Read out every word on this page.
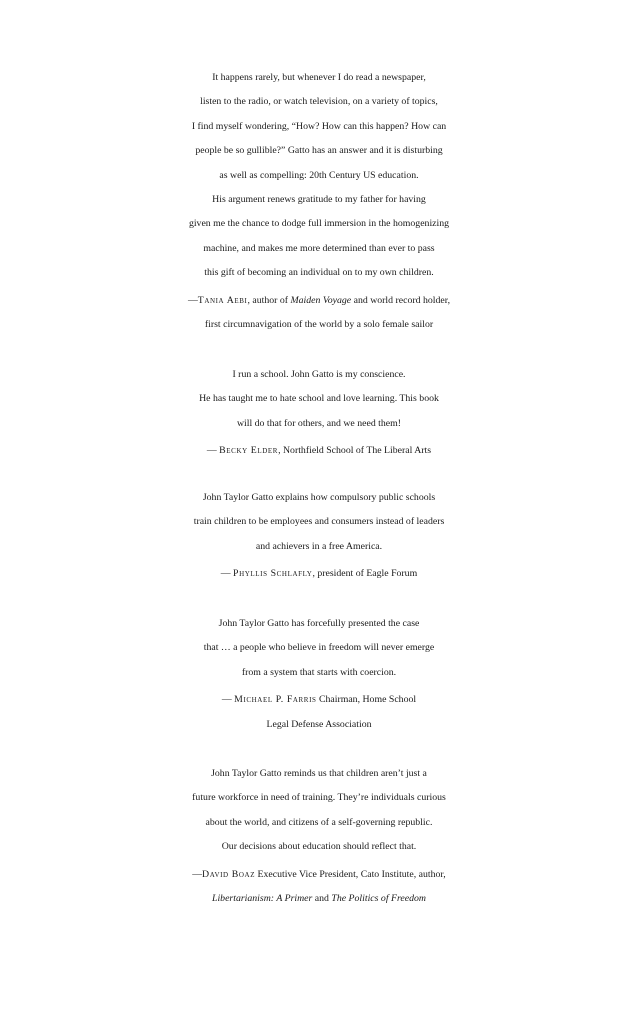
It happens rarely, but whenever I do read a newspaper,
listen to the radio, or watch television, on a variety of topics,
I find myself wondering, “How? How can this happen? How can
people be so gullible?” Gatto has an answer and it is disturbing
as well as compelling: 20th Century US education.
His argument renews gratitude to my father for having
given me the chance to dodge full immersion in the homogenizing
machine, and makes me more determined than ever to pass
this gift of becoming an individual on to my own children.
—Tania Aebi, author of Maiden Voyage and world record holder,
first circumnavigation of the world by a solo female sailor
I run a school. John Gatto is my conscience.
He has taught me to hate school and love learning. This book
will do that for others, and we need them!
— Becky Elder, Northfield School of The Liberal Arts
John Taylor Gatto explains how compulsory public schools
train children to be employees and consumers instead of leaders
and achievers in a free America.
— Phyllis Schlafly, president of Eagle Forum
John Taylor Gatto has forcefully presented the case
that … a people who believe in freedom will never emerge
from a system that starts with coercion.
— Michael P. Farris Chairman, Home School
Legal Defense Association
John Taylor Gatto reminds us that children aren’t just a
future workforce in need of training. They’re individuals curious
about the world, and citizens of a self-governing republic.
Our decisions about education should reflect that.
—David Boaz Executive Vice President, Cato Institute, author,
Libertarianism: A Primer and The Politics of Freedom
